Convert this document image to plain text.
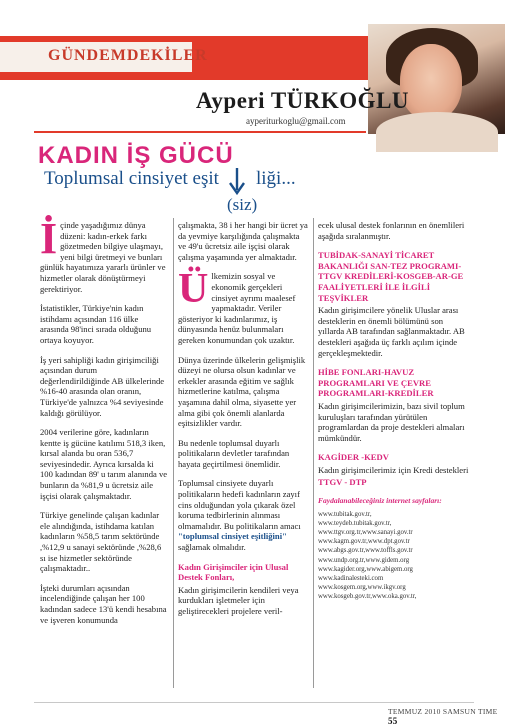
GÜNDEMDEKİLER
Ayperi TÜRKOĞLU
ayperiturkoglu@gmail.com
KADIN İŞ GÜCÜ
Toplumsal cinsiyet eşit liği...
(siz)

İ çinde yaşadığımız dünya düzeni: kadın-erkek farkı gözetmeden bilgiye ulaşmayı, yeni bilgi üretmeyi ve bunları günlük hayatımıza yararlı ürünler ve hizmetler olarak dönüştürmeyi gerektiriyor.

İstatistikler, Türkiye'nin kadın istihdamı açısından 116 ülke arasında 98'inci sırada olduğunu ortaya koyuyor.

İş yeri sahipliği kadın girişimciliği açısından durum değerlendirildiğinde AB ülkelerinde %16-40 arasında olan oranın, Türkiye'de yalnızca %4 seviyesinde kaldığı görülüyor.

2004 verilerine göre, kadınların kentte iş gücüne katılımı 518,3 iken, kırsal alanda bu oran 536,7 seviyesindedir. Ayrıca kırsalda ki 100 kadından 89' u tarım alanında ve bunların da %81,9 u ücretsiz aile işçisi olarak çalışmaktadır.

Türkiye genelinde çalışan kadınlar ele alındığında, istihdama katılan kadınların %58,5 tarım sektöründe ,%12,9 u sanayi sektöründe ,%28,6 sı ise hizmetler sektöründe çalışmaktadır..

İşteki durumları açısından incelendiğinde çalışan her 100 kadından sadece 13'ü kendi hesabına ve işveren konumunda

çalışmakta, 38 i her hangi bir ücret ya da yevmiye karşılığında çalışmakta ve 49'u ücretsiz aile işçisi olarak çalışma yaşamında yer almaktadır.

Ü lkemizin sosyal ve ekonomik gerçekleri cinsiyet ayrımı maalesef yapmaktadır. Veriler gösteriyor ki kadınlarımız, iş dünyasında henüz bulunmaları gereken konumundan çok uzaktır.

Dünya üzerinde ülkelerin gelişmişlik düzeyi ne olursa olsun kadınlar ve erkekler arasında eğitim ve sağlık hizmetlerine katılma, çalışma yaşamına dahil olma, siyasette yer alma gibi çok önemli alanlarda eşitsizlikler vardır.

Bu nedenle toplumsal duyarlı politikaların devletler tarafından hayata geçirtilmesi önemlidir.

Toplumsal cinsiyete duyarlı politikaların hedefi kadınların zayıf cins olduğundan yola çıkarak özel koruma tedbirlerinin alınması olmamalıdır. Bu politikaların amacı "toplumsal cinsiyet eşitliğini" sağlamak olmalıdır.

Kadın Girişimciler için Ulusal Destek Fonları,

Kadın girişimcilerin kendileri veya kurdukları işletmeler için geliştirecekleri projelere veril-

ecek ulusal destek fonlarının en önemlileri aşağıda sıralanmıştır.

TUBİDAK-SANAYİ TİCARET BAKANLIĞI SAN-TEZ PROGRAMI-TTGV KREDİLERİ-KOSGEB-AR-GE FAALİYETLERİ İLE İLGİLİ TEŞVİKLER

Kadın girişimcilere yönelik Uluslar arası desteklerin en önemli bölümünü son yıllarda AB tarafından sağlanmaktadır. AB destekleri aşağıda üç farklı açılım içinde gerçekleşmektedir.

HİBE FONLARI-HAVUZ PROGRAMLARI VE ÇEVRE PROGRAMLARI-KREDİLER

Kadın girişimcilerimizin, bazı sivil toplum kuruluşları tarafından yürütülen programlardan da proje destekleri almaları mümkündür.

KAGİDER -KEDV

Kadın girişimcilerimiz için Kredi destekleri

TTGV - DTP
Faydalanabileceğiniz internet sayfaları:
www.tubitak.gov.tr,
www.teydeb.tubitak.gov.tr,
www.ttgv.org.tr,www.sanayi.gov.tr
www.kagm.gov.tr,www.dpt.gov.tr
www.abgs.gov.tr,www.toffls.gov.tr
www.undp.org.tr,www.gidem.org
www.kagider.org,www.abigem.org
www.kadinalesteki.com
www.kosgem.org,www.ikgv.org
www.kosgeb.gov.tr,www.oka.gov.tr,
TEMMUZ 2010 SAMSUN TIME 55
